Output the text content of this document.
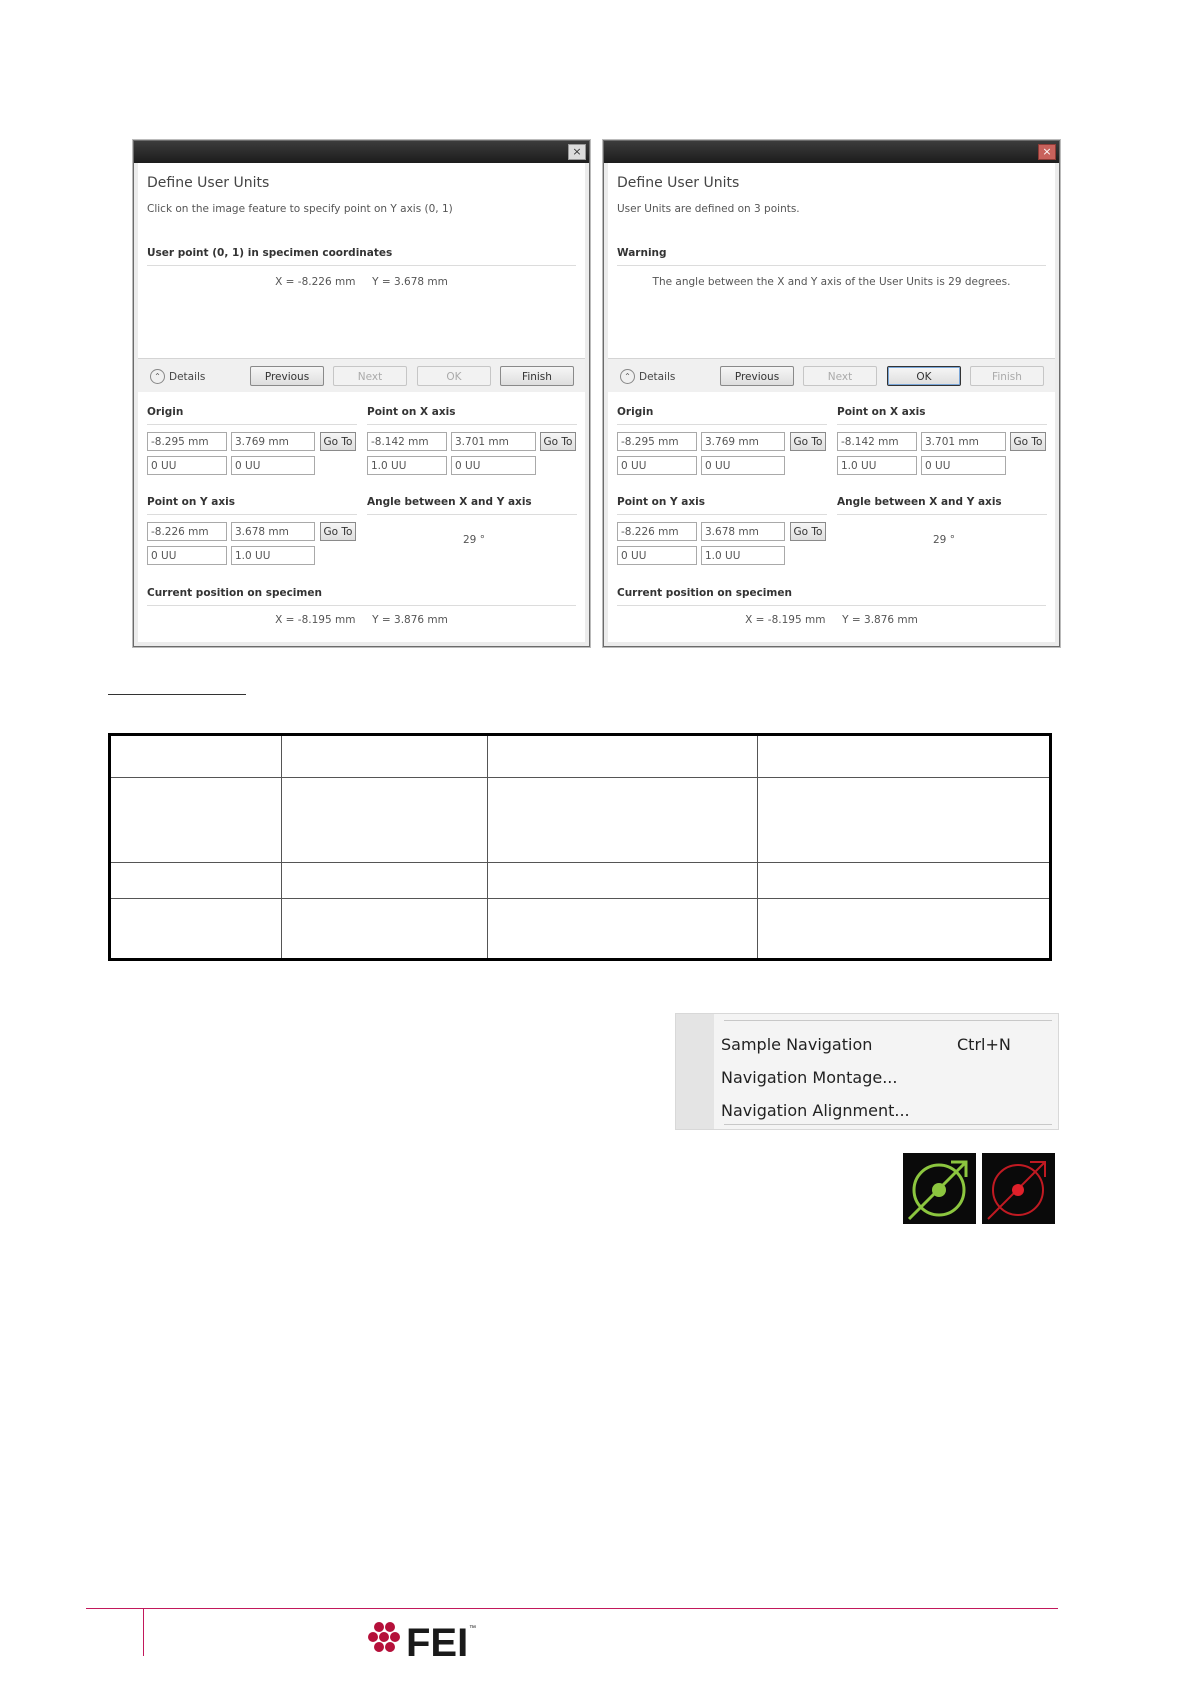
×
Define User Units
Click on the image feature to specify point on Y axis (0, 1)
User point (0, 1) in specimen coordinates
X = -8.226 mm     Y = 3.678 mm
⌃ Details	Previous	Next	OK	Finish
Origin	Point on X axis
-8.295 mm	3.769 mm	Go To
0 UU	0 UU
-8.142 mm	3.701 mm	Go To
1.0 UU	0 UU
Point on Y axis	Angle between X and Y axis
-8.226 mm	3.678 mm	Go To
0 UU	1.0 UU
29 °
Current position on specimen
X = -8.195 mm     Y = 3.876 mm
×
Define User Units
User Units are defined on 3 points.
Warning
The angle between the X and Y axis of the User Units is 29 degrees.
⌃ Details	Previous	Next	OK	Finish
Origin	Point on X axis
-8.295 mm	3.769 mm	Go To
0 UU	0 UU
-8.142 mm	3.701 mm	Go To
1.0 UU	0 UU
Point on Y axis	Angle between X and Y axis
-8.226 mm	3.678 mm	Go To
0 UU	1.0 UU
29 °
Current position on specimen
X = -8.195 mm     Y = 3.876 mm

Sample Navigation	Ctrl+N
Navigation Montage...
Navigation Alignment...
FEI ™
